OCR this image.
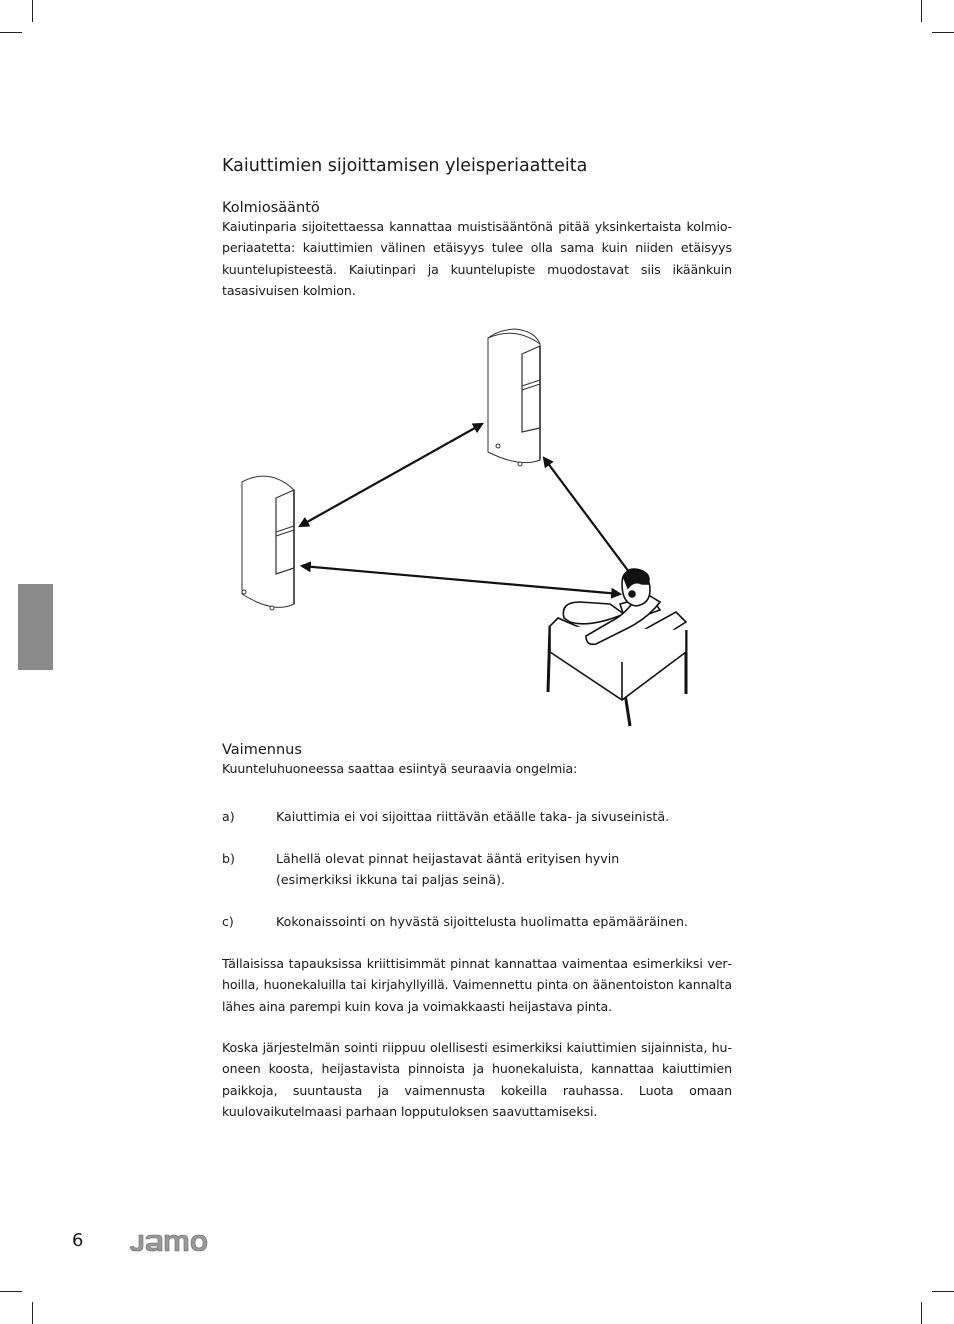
Kaiuttimien sijoittamisen yleisperiaatteita
Kolmiosääntö

Kaiutinparia sijoitettaessa kannattaa muistisääntönä pitää yksinkertaista kolmioperiaatetta: kaiuttimien välinen etäisyys tulee olla sama kuin niiden etäisyys kuuntelupisteestä. Kaiutinpari ja kuuntelupiste muodostavat siis ikäänkuin tasasivuisen kolmion.

Vaimennus

Kuunteluhuoneessa saattaa esiintyä seuraavia ongelmia:

a)	Kaiuttimia ei voi sijoittaa riittävän etäälle taka- ja sivuseinistä.
b)	Lähellä olevat pinnat heijastavat ääntä erityisen hyvin
(esimerkiksi ikkuna tai paljas seinä).
c)	Kokonaissointi on hyvästä sijoittelusta huolimatta epämääräinen.

Tällaisissa tapauksissa kriittisimmät pinnat kannattaa vaimentaa esimerkiksi verhoilla, huonekaluilla tai kirjahyllyillä. Vaimennettu pinta on äänentoiston kannalta lähes aina parempi kuin kova ja voimakkaasti heijastava pinta.

Koska järjestelmän sointi riippuu olellisesti esimerkiksi kaiuttimien sijainnista, huoneen koosta, heijastavista pinnoista ja huonekaluista, kannattaa kaiuttimien paikkoja, suuntausta ja vaimennusta kokeilla rauhassa. Luota omaan kuulovaikutelmaasi parhaan lopputuloksen saavuttamiseksi.

6
